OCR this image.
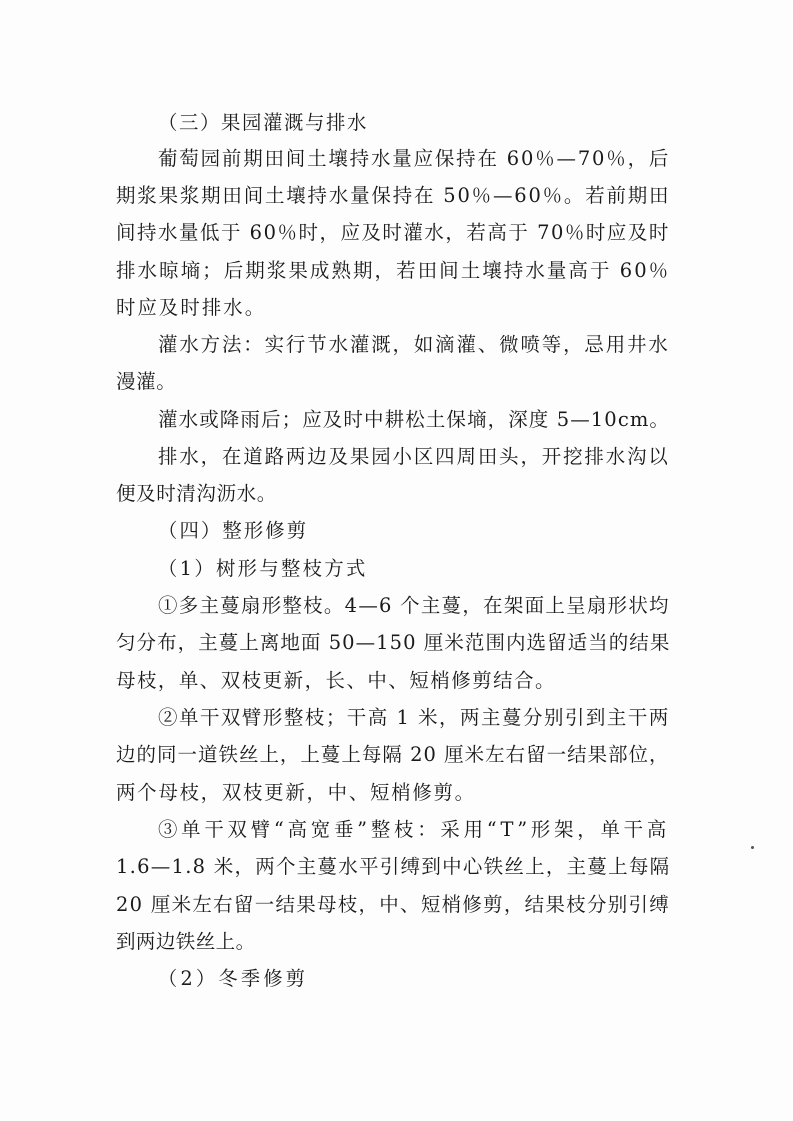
（三）果园灌溉与排水
葡萄园前期田间土壤持水量应保持在 60％—70％，后
期浆果浆期田间土壤持水量保持在 50％—60％。若前期田
间持水量低于 60％时，应及时灌水，若高于 70％时应及时
排水晾墒；后期浆果成熟期，若田间土壤持水量高于 60％
时应及时排水。
灌水方法：实行节水灌溉，如滴灌、微喷等，忌用井水
漫灌。
灌水或降雨后；应及时中耕松土保墒，深度 5—10cm。
排水，在道路两边及果园小区四周田头，开挖排水沟以
便及时清沟沥水。
（四）整形修剪
（1）树形与整枝方式
①多主蔓扇形整枝。4—6 个主蔓，在架面上呈扇形状均
匀分布，主蔓上离地面 50—150 厘米范围内选留适当的结果
母枝，单、双枝更新，长、中、短梢修剪结合。
②单干双臂形整枝；干高 1 米，两主蔓分别引到主干两
边的同一道铁丝上，上蔓上每隔 20 厘米左右留一结果部位，
两个母枝，双枝更新，中、短梢修剪。
③单干双臂“高宽垂”整枝：采用“T”形架，单干高
1.6—1.8 米，两个主蔓水平引缚到中心铁丝上，主蔓上每隔
20 厘米左右留一结果母枝，中、短梢修剪，结果枝分别引缚
到两边铁丝上。
（2）冬季修剪
